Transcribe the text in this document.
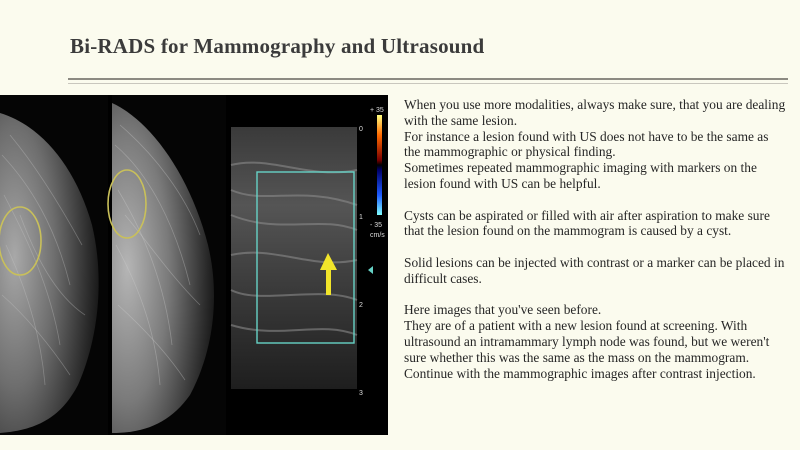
Bi-RADS for Mammography and Ultrasound
+ 35
- 35
cm/s
0
1
2
3

When you use more modalities, always make sure, that you are dealing with the same lesion.
For instance a lesion found with US does not have to be the same as the mammographic or physical finding.
Sometimes repeated mammographic imaging with markers on the lesion found with US can be helpful.

Cysts can be aspirated or filled with air after aspiration to make sure that the lesion found on the mammogram is caused by a cyst.

Solid lesions can be injected with contrast or a marker can be placed in difficult cases.

Here images that you've seen before.
They are of a patient with a new lesion found at screening. With ultrasound an intramammary lymph node was found, but we weren't sure whether this was the same as the mass on the mammogram.
Continue with the mammographic images after contrast injection.
